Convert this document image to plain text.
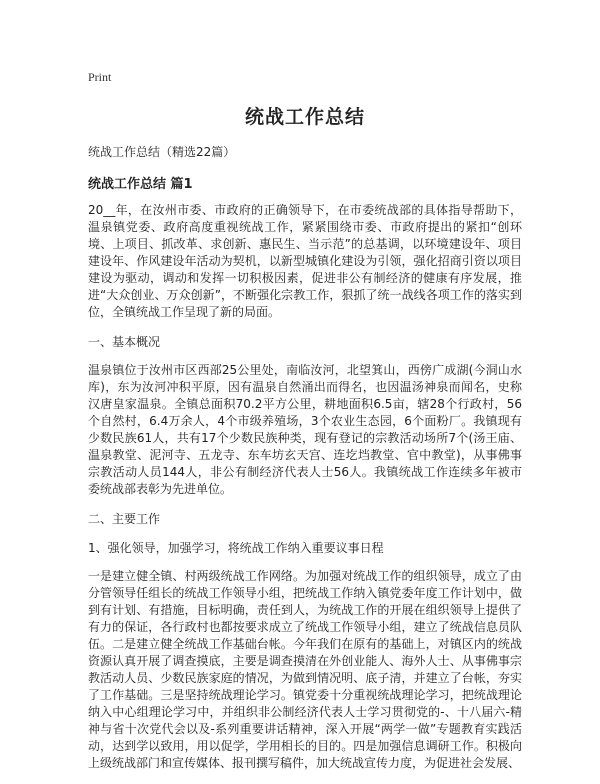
Print
统战工作总结
统战工作总结（精选22篇）
统战工作总结 篇1

20__年，在汝州市委、市政府的正确领导下，在市委统战部的具体指导帮助下，温泉镇党委、政府高度重视统战工作，紧紧围绕市委、市政府提出的紧扣“创环境、上项目、抓改革、求创新、惠民生、当示范”的总基调，以环境建设年、项目建设年、作风建设年活动为契机，以新型城镇化建设为引领，强化招商引资以项目建设为驱动，调动和发挥一切积极因素，促进非公有制经济的健康有序发展，推进“大众创业、万众创新”，不断强化宗教工作，狠抓了统一战线各项工作的落实到位，全镇统战工作呈现了新的局面。

一、基本概况

温泉镇位于汝州市区西部25公里处，南临汝河，北望箕山，西傍广成湖(今洞山水库)，东为汝河冲积平原，因有温泉自然涌出而得名，也因温汤神泉而闻名，史称汉唐皇家温泉。全镇总面积70.2平方公里，耕地面积6.5亩，辖28个行政村，56个自然村，6.4万余人，4个市级养殖场，3个农业生态园，6个面粉厂。我镇现有少数民族61人，共有17个少数民族种类，现有登记的宗教活动场所7个(汤王庙、温泉教堂、泥河寺、五龙寺、东车坊玄天宫、连圪垱教堂、官中教堂)，从事佛事宗教活动人员144人，非公有制经济代表人士56人。我镇统战工作连续多年被市委统战部表彰为先进单位。

二、主要工作
1、强化领导，加强学习，将统战工作纳入重要议事日程

一是建立健全镇、村两级统战工作网络。为加强对统战工作的组织领导，成立了由分管领导任组长的统战工作领导小组，把统战工作纳入镇党委年度工作计划中，做到有计划、有措施，目标明确，责任到人，为统战工作的开展在组织领导上提供了有力的保证，各行政村也都按要求成立了统战工作领导小组，建立了统战信息员队伍。二是建立健全统战工作基础台帐。今年我们在原有的基础上，对镇区内的统战资源认真开展了调查摸底，主要是调查摸清在外创业能人、海外人士、从事佛事宗教活动人员、少数民族家庭的情况，为做到情况明、底子清，并建立了台帐，夯实了工作基础。三是坚持统战理论学习。镇党委十分重视统战理论学习，把统战理论纳入中心组理论学习中，并组织非公制经济代表人士学习贯彻党的-、十八届六-精神与省十次党代会以及-系列重要讲话精神，深入开展“两学一做”专题教育实践活动，达到学以致用，用以促学，学用相长的目的。四是加强信息调研工作。积极向上级统战部门和宣传媒体、报刊撰写稿件，加大统战宣传力度，为促进社会发展、
